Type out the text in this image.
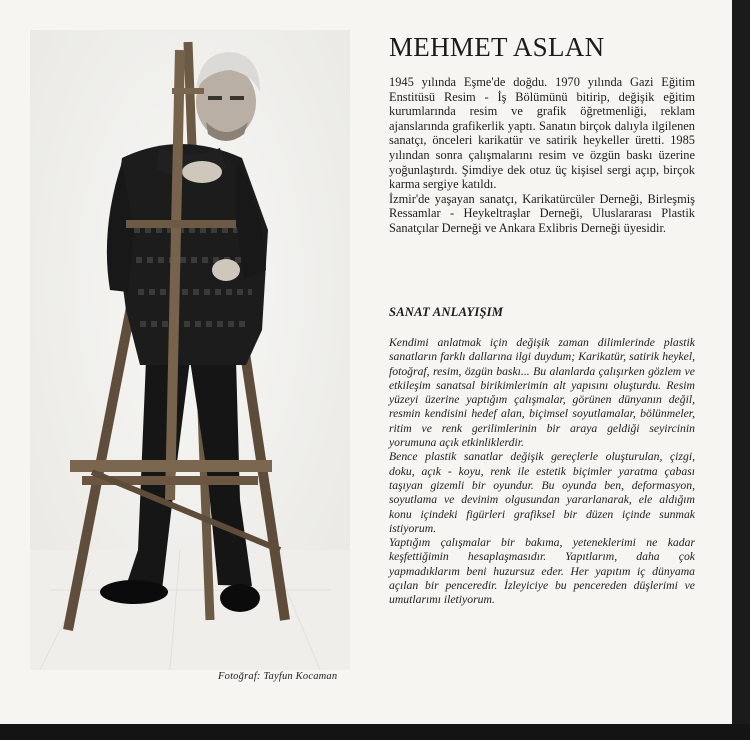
Fotoğraf: Tayfun Kocaman
MEHMET ASLAN

1945 yılında Eşme'de doğdu. 1970 yılında Gazi Eğitim Enstitüsü Resim - İş Bölümünü bitirip, değişik eğitim kurumlarında resim ve grafik öğretmenliği, reklam ajanslarında grafikerlik yaptı. Sanatın birçok dalıyla ilgilenen sanatçı, önceleri karikatür ve satirik heykeller üretti. 1985 yılından sonra çalışmalarını resim ve özgün baskı üzerine yoğunlaştırdı. Şimdiye dek otuz üç kişisel sergi açıp, birçok karma sergiye katıldı.

İzmir'de yaşayan sanatçı, Karikatürcüler Derneği, Birleşmiş Ressamlar - Heykeltraşlar Derneği, Uluslararası Plastik Sanatçılar Derneği ve Ankara Exlibris Derneği üyesidir.

SANAT ANLAYIŞIM

Kendimi anlatmak için değişik zaman dilimlerinde plastik sanatların farklı dallarına ilgi duydum; Karikatür, satirik heykel, fotoğraf, resim, özgün baskı... Bu alanlarda çalışırken gözlem ve etkileşim sanatsal birikimlerimin alt yapısını oluşturdu. Resim yüzeyi üzerine yaptığım çalışmalar, görünen dünyanın değil, resmin kendisini hedef alan, biçimsel soyutlamalar, bölünmeler, ritim ve renk gerilimlerinin bir araya geldiği seyircinin yorumuna açık etkinliklerdir.

Bence plastik sanatlar değişik gereçlerle oluşturulan, çizgi, doku, açık - koyu, renk ile estetik biçimler yaratma çabası taşıyan gizemli bir oyundur. Bu oyunda ben, deformasyon, soyutlama ve devinim olgusundan yararlanarak, ele aldığım konu içindeki figürleri grafiksel bir düzen içinde sunmak istiyorum.

Yaptığım çalışmalar bir bakıma, yeteneklerimi ne kadar keşfettiğimin hesaplaşmasıdır. Yapıtlarım, daha çok yapmadıklarım beni huzursuz eder. Her yapıtım iç dünyama açılan bir penceredir. İzleyiciye bu pencereden düşlerimi ve umutlarımı iletiyorum.
